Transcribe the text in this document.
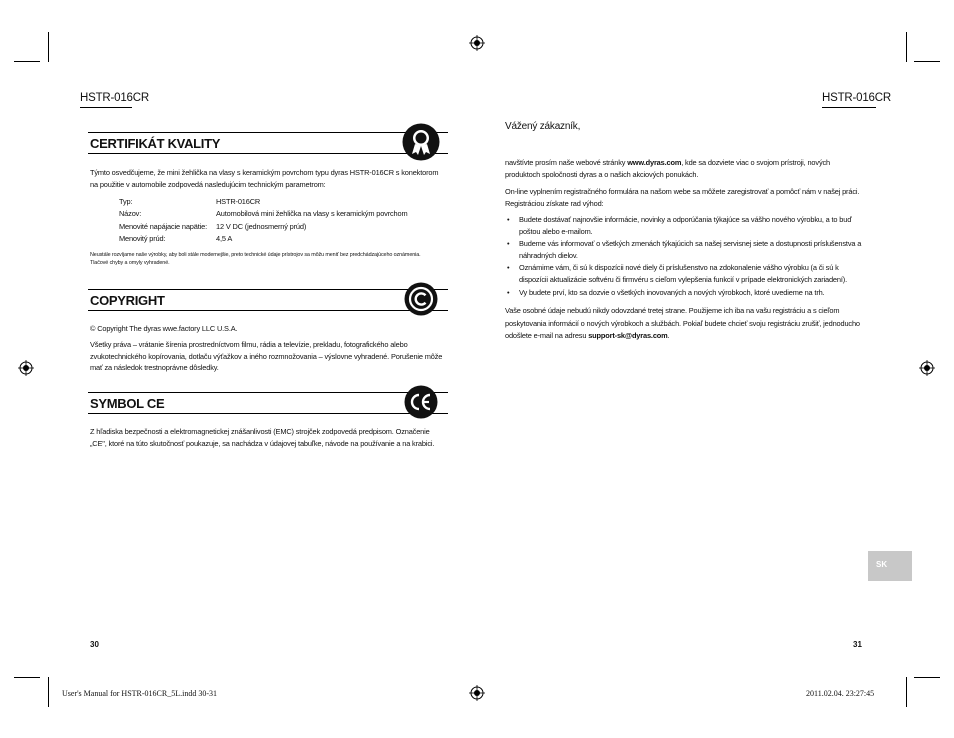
HSTR-016CR	HSTR-016CR
CERTIFIKÁT KVALITY
Týmto osvedčujeme, že mini žehlička na vlasy s keramickým povrchom typu dyras HSTR-016CR s konektorom na použitie v automobile zodpovedá nasledujúcim technickým parametrom:
Typ:	HSTR-016CR
Názov:	Automobilová mini žehlička na vlasy s keramickým povrchom
Menovité napájacie napätie: 12 V DC (jednosmerný prúd)
Menovitý prúd:	4,5 A
Neustále rozvíjame naše výrobky, aby boli stále modernejšie, preto technické údaje prístrojov sa môžu meniť bez predchádzajúceho oznámenia. Tlačové chyby a omyly vyhradené.
COPYRIGHT
© Copyright The dyras wwe.factory LLC U.S.A.
Všetky práva – vrátanie šírenia prostredníctvom filmu, rádia a televízie, prekladu, fotografického alebo zvukotechnického kopírovania, dotlaču výťažkov a iného rozmnožovania – výslovne vyhradené. Porušenie môže mať za následok trestnoprávne dôsledky.
SYMBOL CE
Z hľadiska bezpečnosti a elektromagnetickej znášanlivosti (EMC) strojček zodpovedá predpisom. Označenie „CE", ktoré na túto skutočnosť poukazuje, sa nachádza v údajovej tabuľke, návode na používanie a na krabici.
Vážený zákazník,
navštívte prosím naše webové stránky www.dyras.com, kde sa dozviete viac o svojom prístroji, nových produktoch spoločnosti dyras a o našich akciových ponukách.
On-line vyplnením registračného formulára na našom webe sa môžete zaregistrovať a pomôcť nám v našej práci. Registráciou získate rad výhod:
• Budete dostávať najnovšie informácie, novinky a odporúčania týkajúce sa vášho nového výrobku, a to buď poštou alebo e-mailom.
• Budeme vás informovať o všetkých zmenách týkajúcich sa našej servisnej siete a dostupnosti príslušenstva a náhradných dielov.
• Oznámime vám, či sú k dispozícii nové diely či príslušenstvo na zdokonalenie vášho výrobku (a či sú k dispozícii aktualizácie softvéru či firmvéru s cieľom vylepšenia funkcií v prípade elektronických zariadení).
• Vy budete prví, kto sa dozvie o všetkých inovovaných a nových výrobkoch, ktoré uvedieme na trh.
Vaše osobné údaje nebudú nikdy odovzdané tretej strane. Použijeme ich iba na vašu registráciu a s cieľom poskytovania informácií o nových výrobkoch a službách. Pokiaľ budete chcieť svoju registráciu zrušiť, jednoducho odošlete e-mail na adresu support-sk@dyras.com.
SK
30	31
User's Manual for HSTR-016CR_5L.indd 30-31	2011.02.04. 23:27:45
